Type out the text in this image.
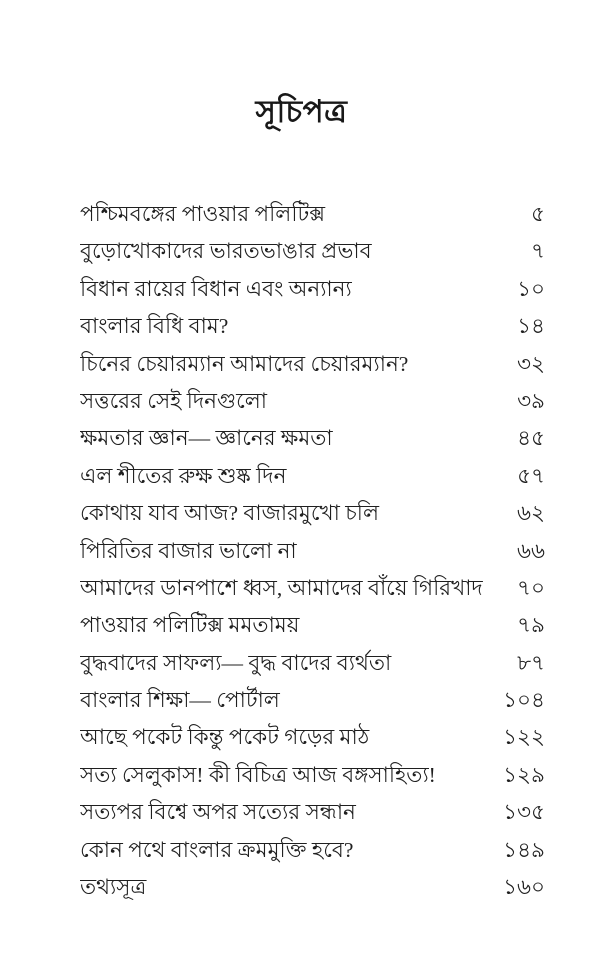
সূচিপত্র
পশ্চিমবঙ্গের পাওয়ার পলিটিক্স	৫
বুড়োখোকাদের ভারতভাঙার প্রভাব	৭
বিধান রায়ের বিধান এবং অন্যান্য	১০
বাংলার বিধি বাম?	১৪
চিনের চেয়ারম্যান আমাদের চেয়ারম্যান?	৩২
সত্তরের সেই দিনগুলো	৩৯
ক্ষমতার জ্ঞান— জ্ঞানের ক্ষমতা	৪৫
এল শীতের রুক্ষ শুষ্ক দিন	৫৭
কোথায় যাব আজ? বাজারমুখো চলি	৬২
পিরিতির বাজার ভালো না	৬৬
আমাদের ডানপাশে ধ্বস, আমাদের বাঁয়ে গিরিখাদ	৭০
পাওয়ার পলিটিক্স মমতাময়	৭৯
বুদ্ধবাদের সাফল্য— বুদ্ধ বাদের ব্যর্থতা	৮৭
বাংলার শিক্ষা— পোর্টাল	১০৪
আছে পকেট কিন্তু পকেট গড়ের মাঠ	১২২
সত্য সেলুকাস! কী বিচিত্র আজ বঙ্গসাহিত্য!	১২৯
সত্যপর বিশ্বে অপর সত্যের সন্ধান	১৩৫
কোন পথে বাংলার ক্রমমুক্তি হবে?	১৪৯
তথ্যসূত্র	১৬০
